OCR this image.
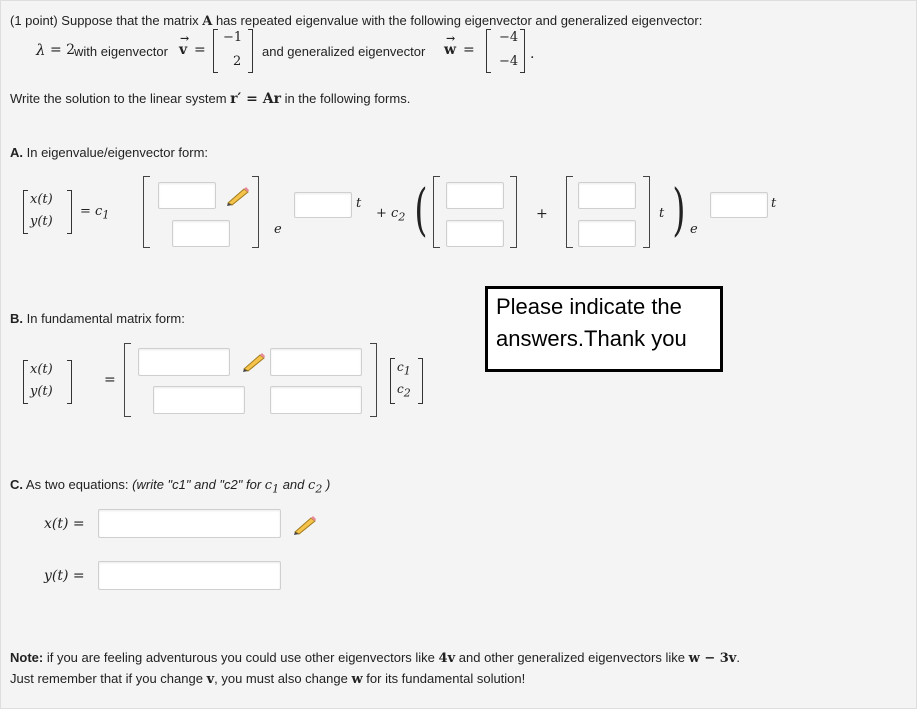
(1 point) Suppose that the matrix A has repeated eigenvalue with the following eigenvector and generalized eigenvector:
λ = 2
with eigenvector
→
v =
−1
2
and generalized eigenvector
→
w =
−4
−4 .
Write the solution to the linear system r′ = Ar in the following forms.
A. In eigenvalue/eigenvector form:
x(t)
y(t)
= $c_1$
e
t
+ $c_2$ (	+	t ) e
t
Please indicate the
answers.Thank you
B. In fundamental matrix form:
x(t)
y(t)
=
$c_1$
$c_2$
C. As two equations: (write "c1" and "c2" for $c_1$ and $c_2$ )
x(t) =
y(t) =
Note: if you are feeling adventurous you could use other eigenvectors like 4v and other generalized eigenvectors like w − 3v.
Just remember that if you change v, you must also change w for its fundamental solution!
